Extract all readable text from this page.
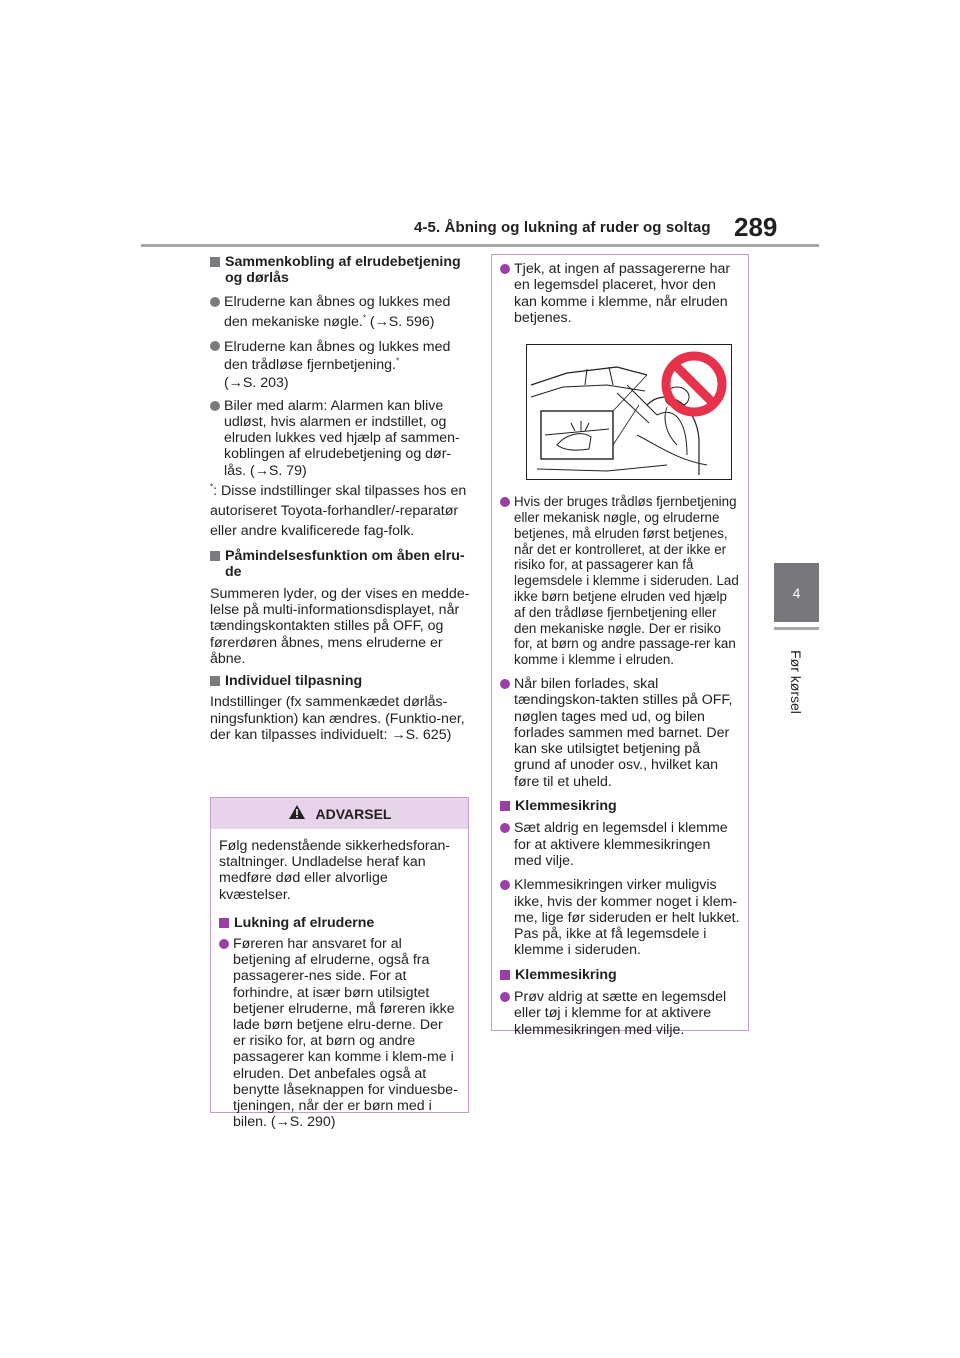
4-5. Åbning og lukning af ruder og soltag 289
4
Før kørsel
Sammenkobling af elrudebetjening og dørlås
Elruderne kan åbnes og lukkes med den mekaniske nøgle.* (→S. 596)
Elruderne kan åbnes og lukkes med den trådløse fjernbetjening.*
(→S. 203)
Biler med alarm: Alarmen kan blive udløst, hvis alarmen er indstillet, og elruden lukkes ved hjælp af sammen-koblingen af elrudebetjening og dør-lås. (→S. 79)
*: Disse indstillinger skal tilpasses hos en autoriseret Toyota-forhandler/-reparatør eller andre kvalificerede fag-folk.
Påmindelsesfunktion om åben elru-de
Summeren lyder, og der vises en medde-lelse på multi-informationsdisplayet, når tændingskontakten stilles på OFF, og førerdøren åbnes, mens elruderne er åbne.
Individuel tilpasning
Indstillinger (fx sammenkædet dørlås-ningsfunktion) kan ændres. (Funktio-ner, der kan tilpasses individuelt: →S. 625)
ADVARSEL
Følg nedenstående sikkerhedsforan-staltninger. Undladelse heraf kan medføre død eller alvorlige kvæstelser.
Lukning af elruderne
Føreren har ansvaret for al betjening af elruderne, også fra passagerer-nes side. For at forhindre, at især børn utilsigtet betjener elruderne, må føreren ikke lade børn betjene elru-derne. Der er risiko for, at børn og andre passagerer kan komme i klem-me i elruden. Det anbefales også at benytte låseknappen for vinduesbe-tjeningen, når der er børn med i bilen. (→S. 290)
Tjek, at ingen af passagererne har en legemsdel placeret, hvor den kan komme i klemme, når elruden betjenes.
Hvis der bruges trådløs fjernbetjening eller mekanisk nøgle, og elruderne betjenes, må elruden først betjenes, når det er kontrolleret, at der ikke er risiko for, at passagerer kan få legemsdele i klemme i sideruden. Lad ikke børn betjene elruden ved hjælp af den trådløse fjernbetjening eller den mekaniske nøgle. Der er risiko for, at børn og andre passage-rer kan komme i klemme i elruden.
Når bilen forlades, skal tændingskon-takten stilles på OFF, nøglen tages med ud, og bilen forlades sammen med barnet. Der kan ske utilsigtet betjening på grund af unoder osv., hvilket kan føre til et uheld.
Klemmesikring
Sæt aldrig en legemsdel i klemme for at aktivere klemmesikringen med vilje.
Klemmesikringen virker muligvis ikke, hvis der kommer noget i klem-me, lige før sideruden er helt lukket. Pas på, ikke at få legemsdele i klemme i sideruden.
Klemmesikring
Prøv aldrig at sætte en legemsdel eller tøj i klemme for at aktivere klemmesikringen med vilje.
